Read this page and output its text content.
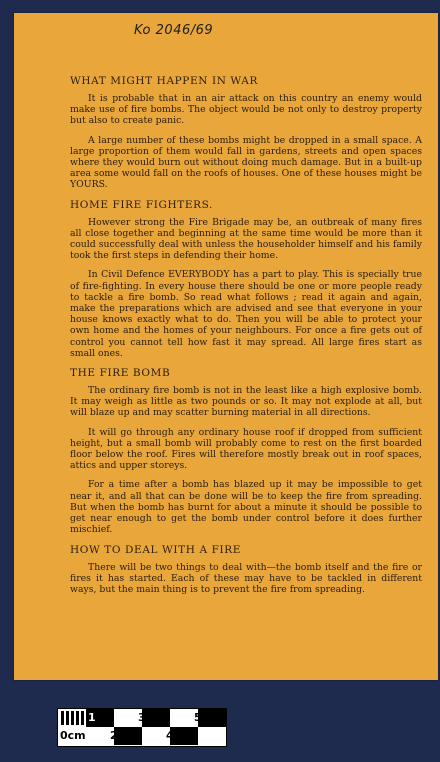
Ko 2046/69
WHAT MIGHT HAPPEN IN WAR

It is probable that in an air attack on this country an enemy would make use of fire bombs. The object would be not only to destroy property but also to create panic.

A large number of these bombs might be dropped in a small space. A large proportion of them would fall in gardens, streets and open spaces where they would burn out without doing much damage. But in a built-up area some would fall on the roofs of houses. One of these houses might be YOURS.

HOME FIRE FIGHTERS.

However strong the Fire Brigade may be, an outbreak of many fires all close together and beginning at the same time would be more than it could successfully deal with unless the householder himself and his family took the first steps in defending their home.

In Civil Defence EVERYBODY has a part to play. This is specially true of fire-fighting. In every house there should be one or more people ready to tackle a fire bomb. So read what follows ; read it again and again, make the preparations which are advised and see that everyone in your house knows exactly what to do. Then you will be able to protect your own home and the homes of your neighbours. For once a fire gets out of control you cannot tell how fast it may spread. All large fires start as small ones.

THE FIRE BOMB

The ordinary fire bomb is not in the least like a high explosive bomb. It may weigh as little as two pounds or so. It may not explode at all, but will blaze up and may scatter burning material in all directions.

It will go through any ordinary house roof if dropped from sufficient height, but a small bomb will probably come to rest on the first boarded floor below the roof. Fires will therefore mostly break out in roof spaces, attics and upper storeys.

For a time after a bomb has blazed up it may be impossible to get near it, and all that can be done will be to keep the fire from spreading. But when the bomb has burnt for about a minute it should be possible to get near enough to get the bomb under control before it does further mischief.

HOW TO DEAL WITH A FIRE

There will be two things to deal with—the bomb itself and the fire or fires it has started. Each of these may have to be tackled in different ways, but the main thing is to prevent the fire from spreading.

1	3	5
0cm 2	4
